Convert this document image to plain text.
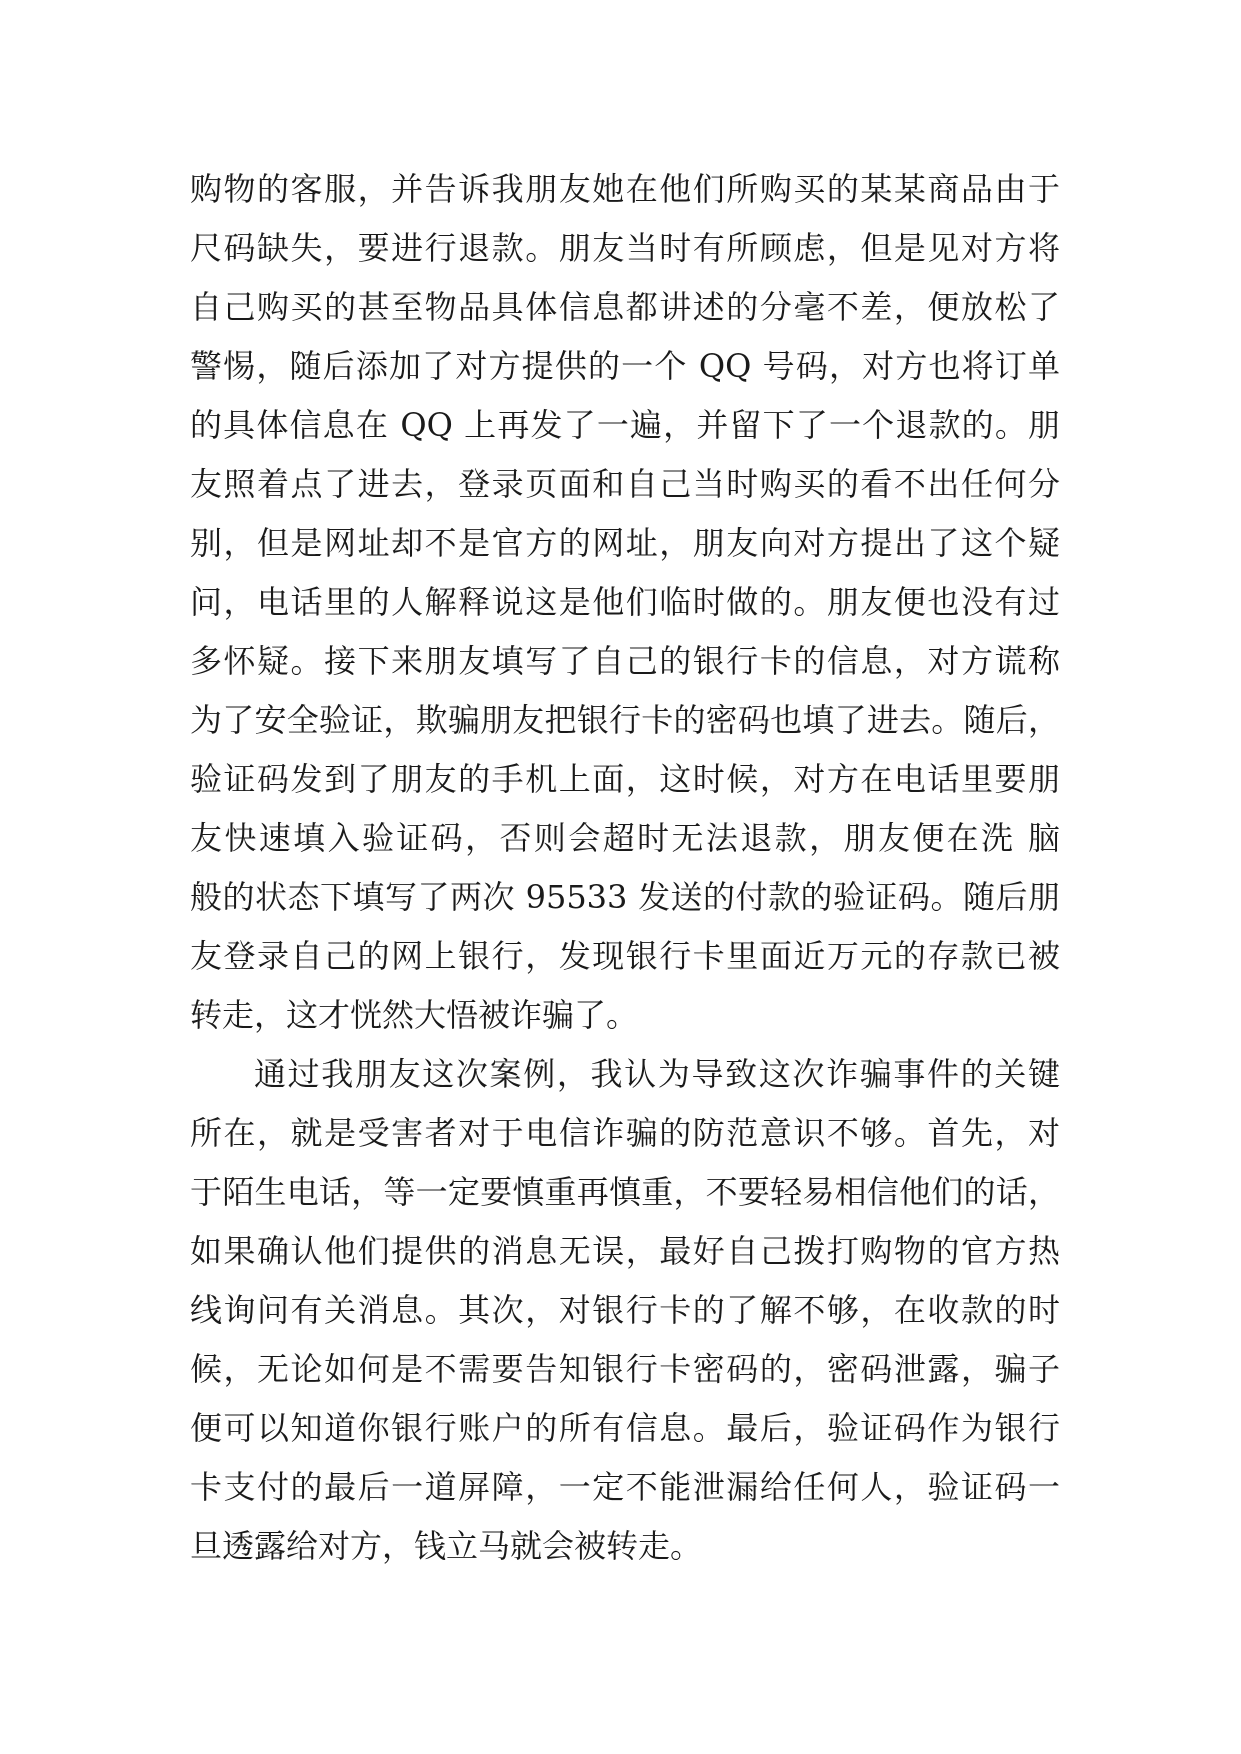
购物的客服，并告诉我朋友她在他们所购买的某某商品由于
尺码缺失，要进行退款。朋友当时有所顾虑，但是见对方将
自己购买的甚至物品具体信息都讲述的分毫不差，便放松了
警惕，随后添加了对方提供的一个 QQ 号码，对方也将订单
的具体信息在 QQ 上再发了一遍，并留下了一个退款的。朋
友照着点了进去，登录页面和自己当时购买的看不出任何分
别，但是网址却不是官方的网址，朋友向对方提出了这个疑
问，电话里的人解释说这是他们临时做的。朋友便也没有过
多怀疑。接下来朋友填写了自己的银行卡的信息，对方谎称
为了安全验证，欺骗朋友把银行卡的密码也填了进去。随后，
验证码发到了朋友的手机上面，这时候，对方在电话里要朋
友快速填入验证码，否则会超时无法退款，朋友便在洗 脑
般的状态下填写了两次 95533 发送的付款的验证码。随后朋
友登录自己的网上银行，发现银行卡里面近万元的存款已被
转走，这才恍然大悟被诈骗了。
通过我朋友这次案例，我认为导致这次诈骗事件的关键
所在，就是受害者对于电信诈骗的防范意识不够。首先，对
于陌生电话，等一定要慎重再慎重，不要轻易相信他们的话，
如果确认他们提供的消息无误，最好自己拨打购物的官方热
线询问有关消息。其次，对银行卡的了解不够，在收款的时
候，无论如何是不需要告知银行卡密码的，密码泄露，骗子
便可以知道你银行账户的所有信息。最后，验证码作为银行
卡支付的最后一道屏障，一定不能泄漏给任何人，验证码一
旦透露给对方，钱立马就会被转走。
